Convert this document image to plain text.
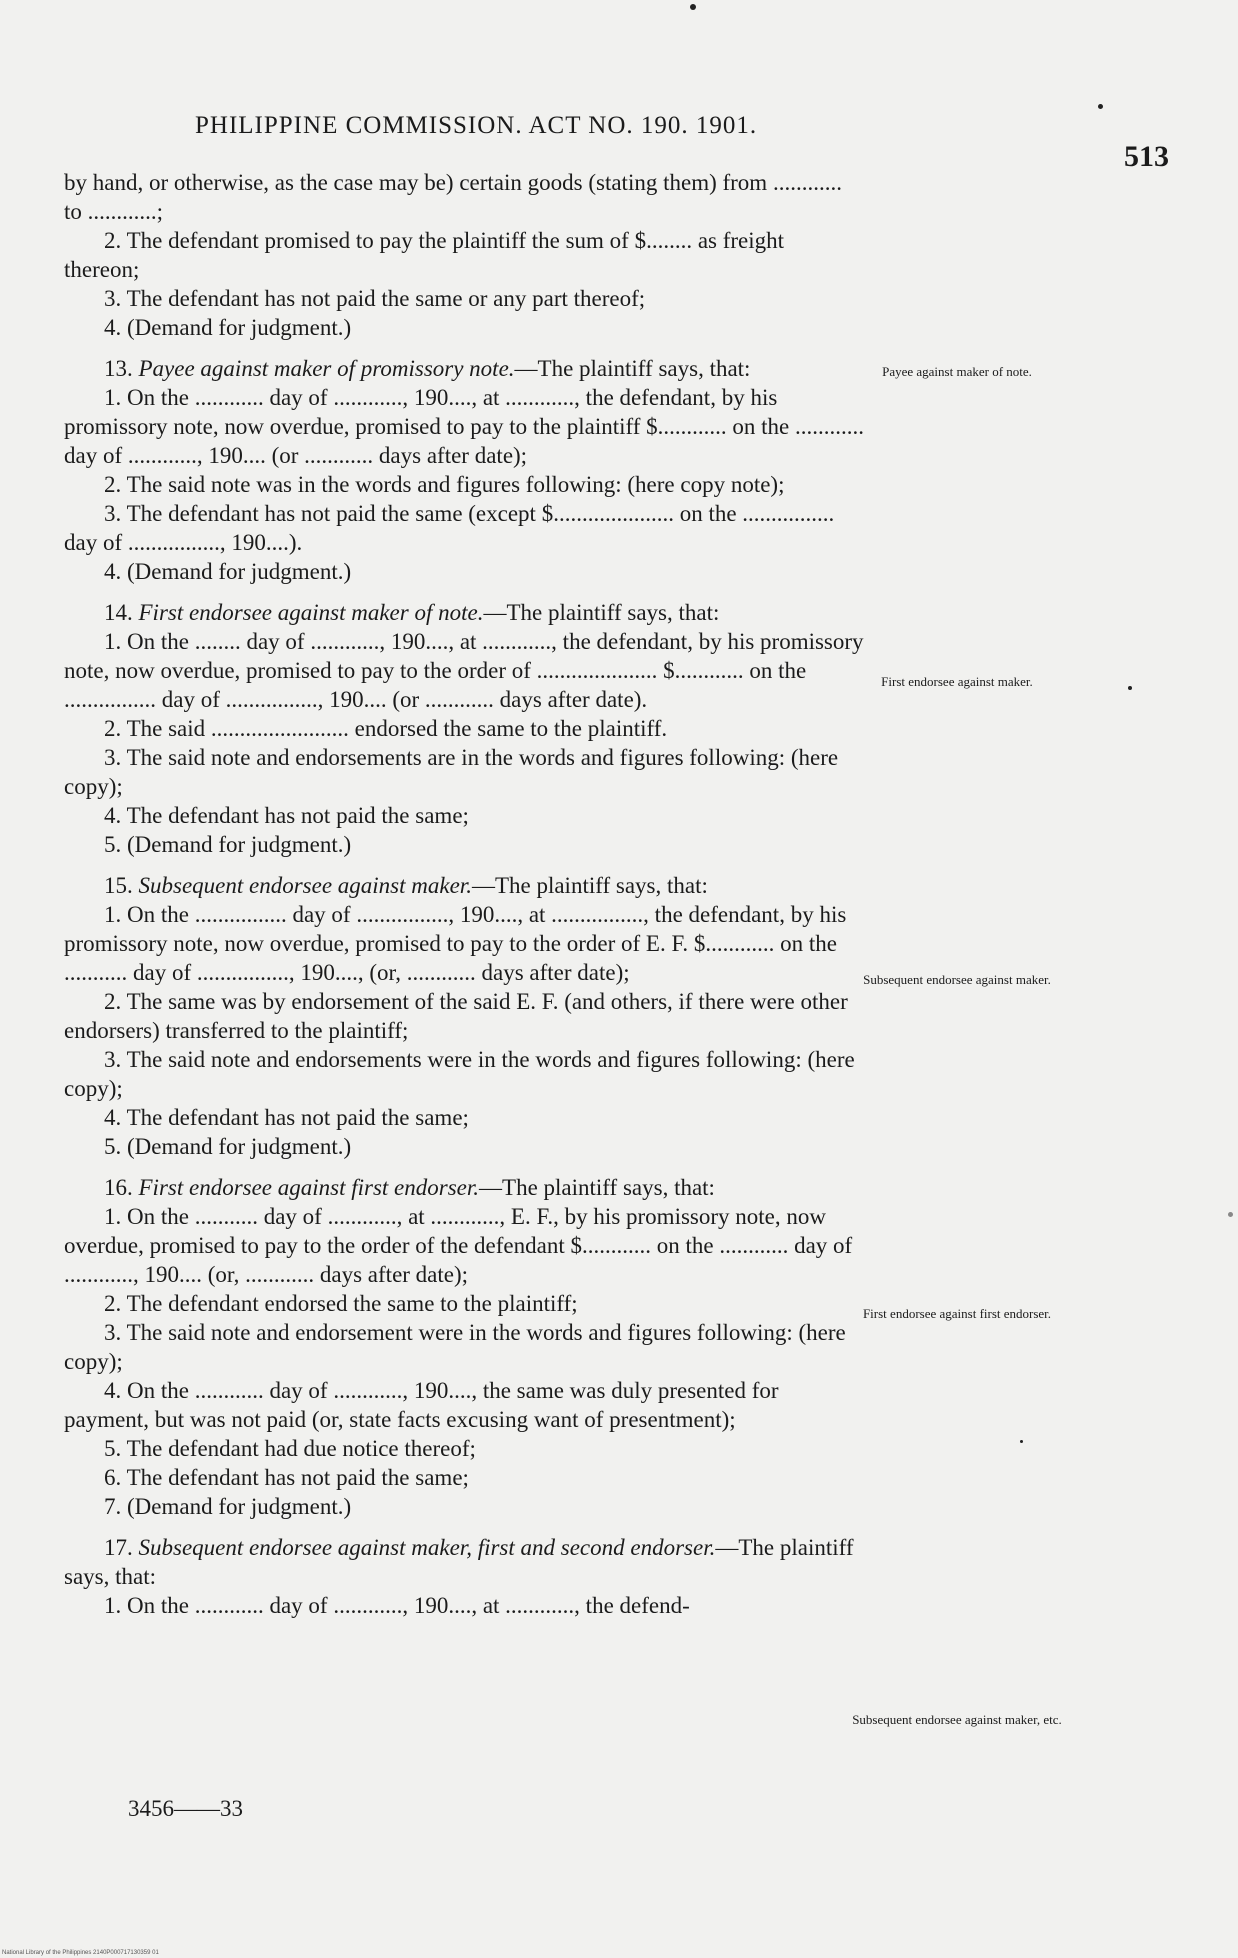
PHILIPPINE COMMISSION. ACT NO. 190. 1901.
513

by hand, or otherwise, as the case may be) certain goods (stating them) from ............ to ............;

2. The defendant promised to pay the plaintiff the sum of $........ as freight thereon;

3. The defendant has not paid the same or any part thereof;

4. (Demand for judgment.)

13. Payee against maker of promissory note.—The plaintiff says, that:

1. On the ............ day of ............, 190...., at ............, the defendant, by his promissory note, now overdue, promised to pay to the plaintiff $............ on the ............ day of ............, 190.... (or ............ days after date);

2. The said note was in the words and figures following: (here copy note);

3. The defendant has not paid the same (except $..................... on the ................ day of ................, 190....).

4. (Demand for judgment.)

14. First endorsee against maker of note.—The plaintiff says, that:

1. On the ........ day of ............, 190...., at ............, the defendant, by his promissory note, now overdue, promised to pay to the order of ..................... $............ on the ................ day of ................, 190.... (or ............ days after date).

2. The said ........................ endorsed the same to the plaintiff.

3. The said note and endorsements are in the words and figures following: (here copy);

4. The defendant has not paid the same;

5. (Demand for judgment.)

15. Subsequent endorsee against maker.—The plaintiff says, that:

1. On the ................ day of ................, 190...., at ................, the defendant, by his promissory note, now overdue, promised to pay to the order of E. F. $............ on the ........... day of ................, 190...., (or, ............ days after date);

2. The same was by endorsement of the said E. F. (and others, if there were other endorsers) transferred to the plaintiff;

3. The said note and endorsements were in the words and figures following: (here copy);

4. The defendant has not paid the same;

5. (Demand for judgment.)

16. First endorsee against first endorser.—The plaintiff says, that:

1. On the ........... day of ............, at ............, E. F., by his promissory note, now overdue, promised to pay to the order of the defendant $............ on the ............ day of ............, 190.... (or, ............ days after date);

2. The defendant endorsed the same to the plaintiff;

3. The said note and endorsement were in the words and figures following: (here copy);

4. On the ............ day of ............, 190...., the same was duly presented for payment, but was not paid (or, state facts excusing want of presentment);

5. The defendant had due notice thereof;

6. The defendant has not paid the same;

7. (Demand for judgment.)

17. Subsequent endorsee against maker, first and second endorser.—The plaintiff says, that:

1. On the ............ day of ............, 190...., at ............, the defend-

Payee against maker of note.
First endorsee against maker.
Subsequent endorsee against maker.
First endorsee against first endorser.
Subsequent endorsee against maker, etc.
3456——33
National Library of the Philippines 2140P000717130359 01
